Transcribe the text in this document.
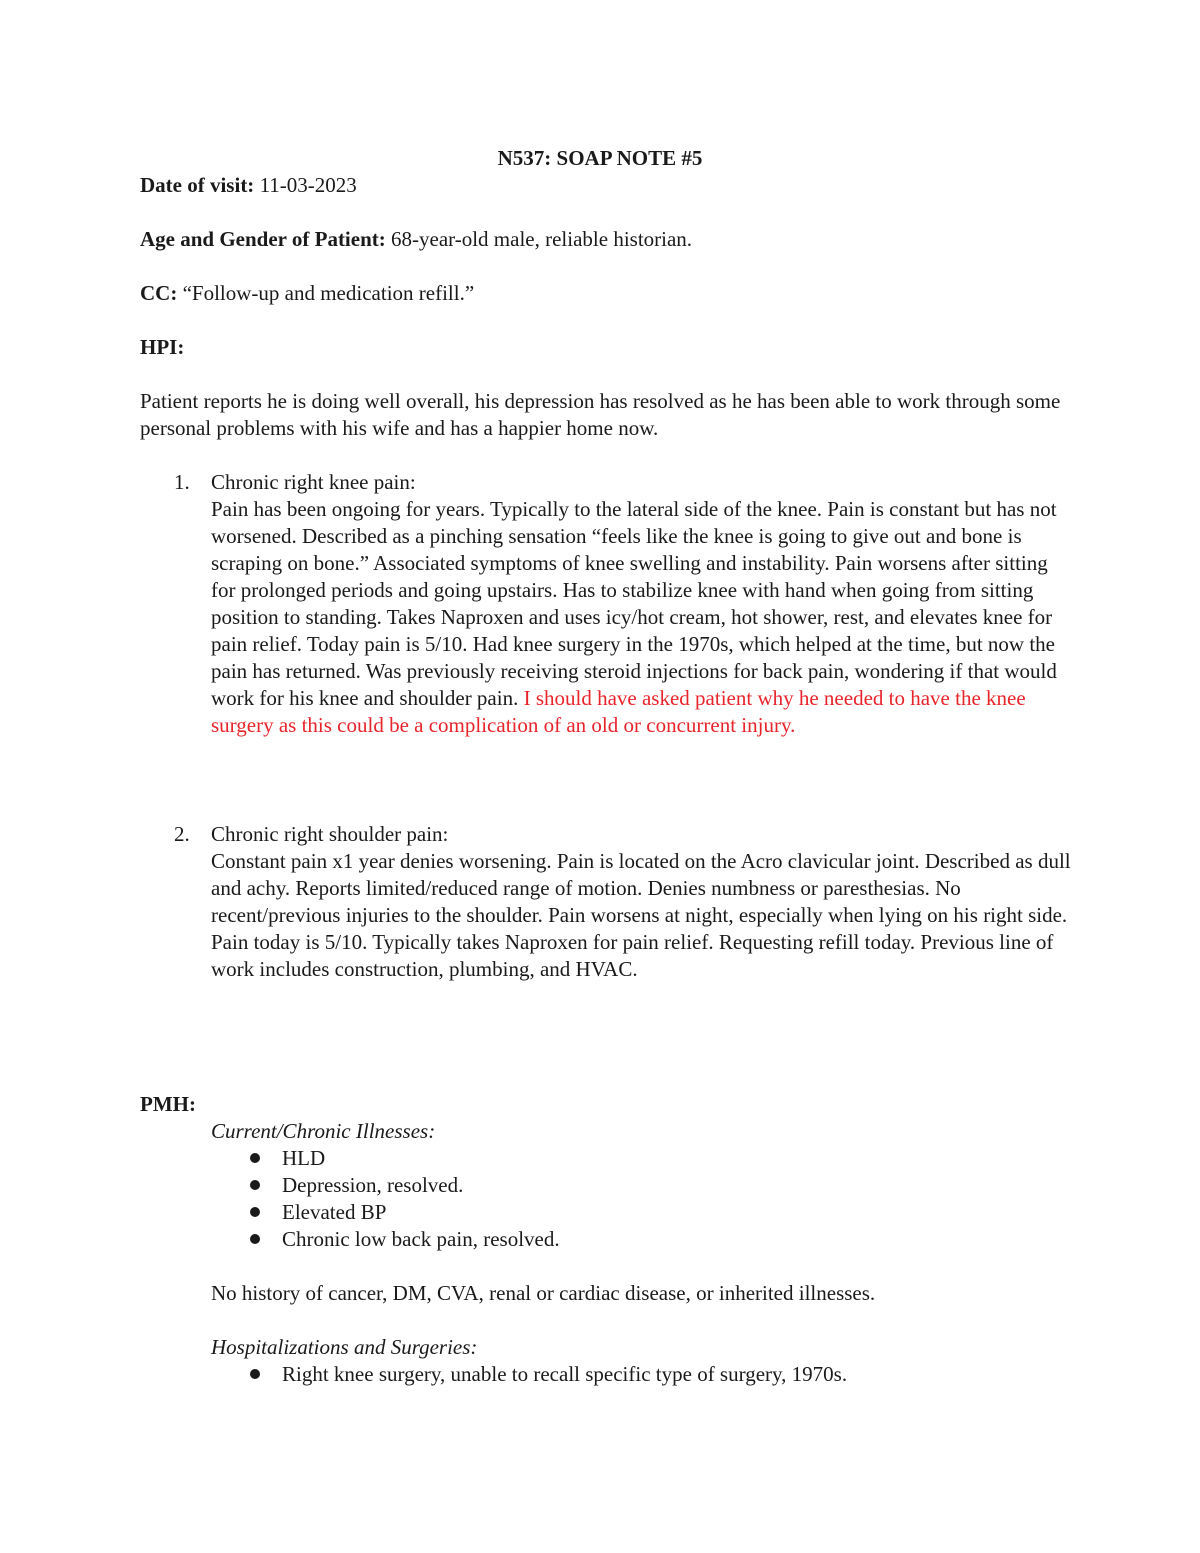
N537: SOAP NOTE #5
Date of visit: 11-03-2023
Age and Gender of Patient: 68-year-old male, reliable historian.
CC: “Follow-up and medication refill.”
HPI:
Patient reports he is doing well overall, his depression has resolved as he has been able to work through some personal problems with his wife and has a happier home now.
1. Chronic right knee pain:
Pain has been ongoing for years. Typically to the lateral side of the knee. Pain is constant but has not worsened. Described as a pinching sensation “feels like the knee is going to give out and bone is scraping on bone.” Associated symptoms of knee swelling and instability. Pain worsens after sitting for prolonged periods and going upstairs. Has to stabilize knee with hand when going from sitting position to standing. Takes Naproxen and uses icy/hot cream, hot shower, rest, and elevates knee for pain relief. Today pain is 5/10. Had knee surgery in the 1970s, which helped at the time, but now the pain has returned. Was previously receiving steroid injections for back pain, wondering if that would work for his knee and shoulder pain. I should have asked patient why he needed to have the knee surgery as this could be a complication of an old or concurrent injury.
2. Chronic right shoulder pain:
Constant pain x1 year denies worsening. Pain is located on the Acro clavicular joint. Described as dull and achy. Reports limited/reduced range of motion. Denies numbness or paresthesias. No recent/previous injuries to the shoulder. Pain worsens at night, especially when lying on his right side. Pain today is 5/10. Typically takes Naproxen for pain relief. Requesting refill today. Previous line of work includes construction, plumbing, and HVAC.
PMH:
Current/Chronic Illnesses:
HLD
Depression, resolved.
Elevated BP
Chronic low back pain, resolved.
No history of cancer, DM, CVA, renal or cardiac disease, or inherited illnesses.
Hospitalizations and Surgeries:
Right knee surgery, unable to recall specific type of surgery, 1970s.
